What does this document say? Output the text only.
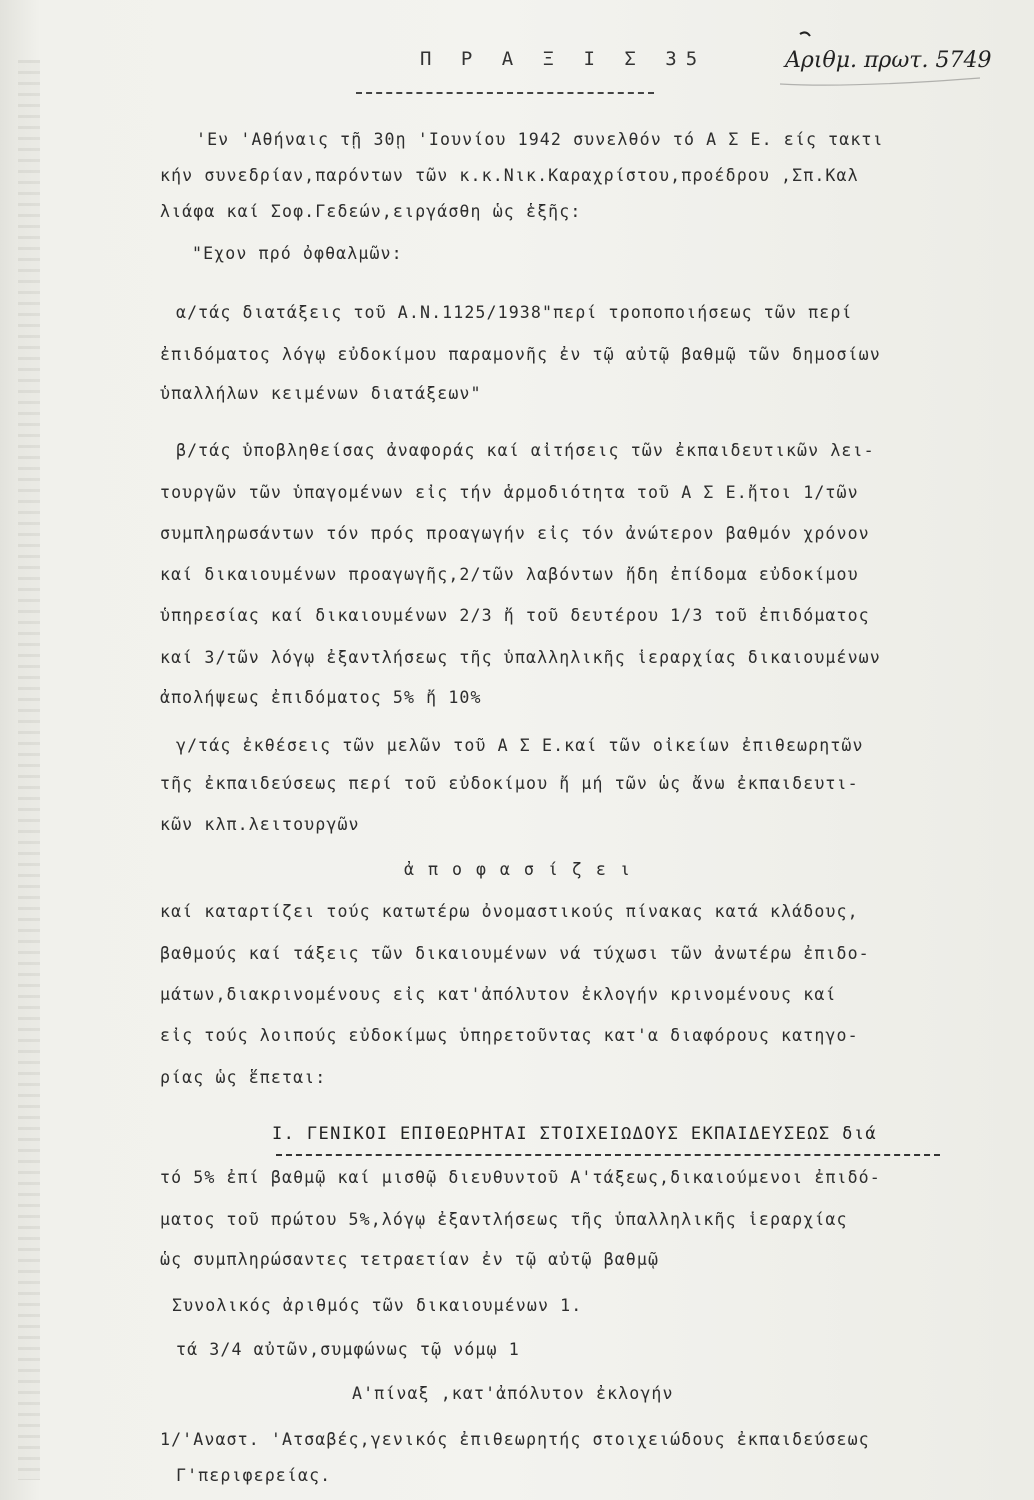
Π Ρ Α Ξ Ι Σ 35	Αριθμ. πρωτ. 5749
'Εν 'Αθήναις τῇ 30ῃ 'Ιουνίου 1942 συνελθόν τό Α Σ Ε. είς τακτι
κήν συνεδρίαν,παρόντων τῶν κ.κ.Νικ.Καραχρίστου,προέδρου ,Σπ.Καλ
λιάφα καί Σοφ.Γεδεών,ειργάσθη ὡς ἑξῆς:
"Εχον πρό ὀφθαλμῶν:
α/τάς διατάξεις τοῦ Α.Ν.1125/1938"περί τροποποιήσεως τῶν περί
ἐπιδόματος λόγῳ εὐδοκίμου παραμονῆς ἐν τῷ αὐτῷ βαθμῷ τῶν δημοσίων
ὑπαλλήλων κειμένων διατάξεων"
β/τάς ὑποβληθείσας ἀναφοράς καί αἰτήσεις τῶν ἐκπαιδευτικῶν λει-
τουργῶν τῶν ὑπαγομένων εἰς τήν ἁρμοδιότητα τοῦ Α Σ Ε.ἤτοι 1/τῶν
συμπληρωσάντων τόν πρός προαγωγήν εἰς τόν ἀνώτερον βαθμόν χρόνον
καί δικαιουμένων προαγωγῆς,2/τῶν λαβόντων ἤδη ἐπίδομα εὐδοκίμου
ὑπηρεσίας καί δικαιουμένων 2/3 ἤ τοῦ δευτέρου 1/3 τοῦ ἐπιδόματος
καί 3/τῶν λόγῳ ἐξαντλήσεως τῆς ὑπαλληλικῆς ἱεραρχίας δικαιουμένων
ἀπολήψεως ἐπιδόματος 5% ἤ 10%
γ/τάς ἐκθέσεις τῶν μελῶν τοῦ Α Σ Ε.καί τῶν οἰκείων ἐπιθεωρητῶν
τῆς ἐκπαιδεύσεως περί τοῦ εὐδοκίμου ἤ μή τῶν ὡς ἄνω ἐκπαιδευτι-
κῶν κλπ.λειτουργῶν
ἀ π ο φ α σ ί ζ ε ι
καί καταρτίζει τούς κατωτέρω ὀνομαστικούς πίνακας κατά κλάδους,
βαθμούς καί τάξεις τῶν δικαιουμένων νά τύχωσι τῶν ἀνωτέρω ἐπιδο-
μάτων,διακρινομένους εἰς κατ'ἀπόλυτον ἐκλογήν κρινομένους καί
εἰς τούς λοιπούς εὐδοκίμως ὑπηρετοῦντας κατ'α διαφόρους κατηγο-
ρίας ὡς ἕπεται:
Ι. ΓΕΝΙΚΟΙ ΕΠΙΘΕΩΡΗΤΑΙ ΣΤΟΙΧΕΙΩΔΟΥΣ ΕΚΠΑΙΔΕΥΣΕΩΣ διά
τό 5% ἐπί βαθμῷ καί μισθῷ διευθυντοῦ Α'τάξεως,δικαιούμενοι ἐπιδό-
ματος τοῦ πρώτου 5%,λόγῳ ἐξαντλήσεως τῆς ὑπαλληλικῆς ἱεραρχίας
ὡς συμπληρώσαντες τετραετίαν ἐν τῷ αὐτῷ βαθμῷ
Συνολικός ἀριθμός τῶν δικαιουμένων 1.
τά 3/4 αὐτῶν,συμφώνως τῷ νόμῳ 1
Α'πίναξ ,κατ'ἀπόλυτον ἐκλογήν
1/'Αναστ. 'Ατσαβές,γενικός ἐπιθεωρητής στοιχειώδους ἐκπαιδεύσεως
Γ'περιφερείας.
